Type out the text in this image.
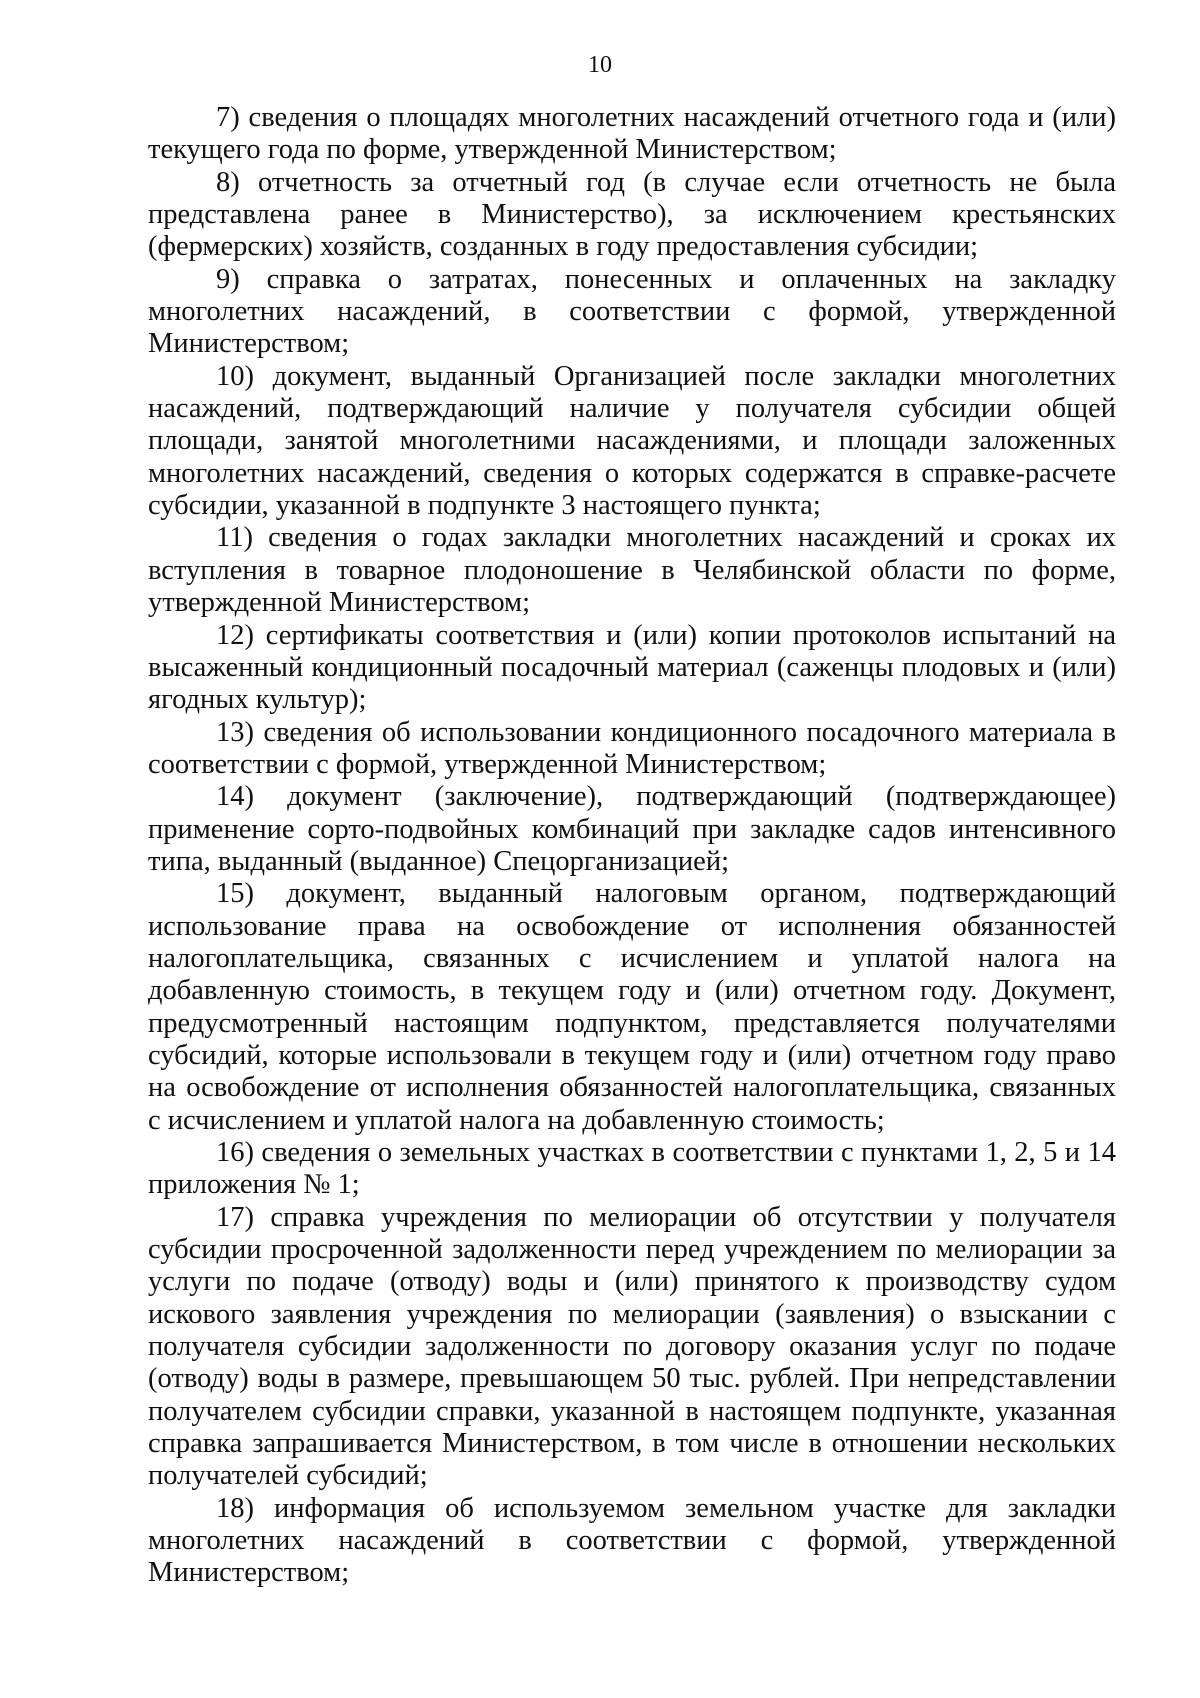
10

7) сведения о площадях многолетних насаждений отчетного года и (или) текущего года по форме, утвержденной Министерством;

8) отчетность за отчетный год (в случае если отчетность не была представлена ранее в Министерство), за исключением крестьянских (фермерских) хозяйств, созданных в году предоставления субсидии;

9) справка о затратах, понесенных и оплаченных на закладку многолетних насаждений, в соответствии с формой, утвержденной Министерством;

10) документ, выданный Организацией после закладки многолетних насаждений, подтверждающий наличие у получателя субсидии общей площади, занятой многолетними насаждениями, и площади заложенных многолетних насаждений, сведения о которых содержатся в справке-расчете субсидии, указанной в подпункте 3 настоящего пункта;

11) сведения о годах закладки многолетних насаждений и сроках их вступления в товарное плодоношение в Челябинской области по форме, утвержденной Министерством;

12) сертификаты соответствия и (или) копии протоколов испытаний на высаженный кондиционный посадочный материал (саженцы плодовых и (или) ягодных культур);

13) сведения об использовании кондиционного посадочного материала в соответствии с формой, утвержденной Министерством;

14) документ (заключение), подтверждающий (подтверждающее) применение сорто-подвойных комбинаций при закладке садов интенсивного типа, выданный (выданное) Спецорганизацией;

15) документ, выданный налоговым органом, подтверждающий использование права на освобождение от исполнения обязанностей налогоплательщика, связанных с исчислением и уплатой налога на добавленную стоимость, в текущем году и (или) отчетном году. Документ, предусмотренный настоящим подпунктом, представляется получателями субсидий, которые использовали в текущем году и (или) отчетном году право на освобождение от исполнения обязанностей налогоплательщика, связанных с исчислением и уплатой налога на добавленную стоимость;

16) сведения о земельных участках в соответствии с пунктами 1, 2, 5 и 14 приложения № 1;

17) справка учреждения по мелиорации об отсутствии у получателя субсидии просроченной задолженности перед учреждением по мелиорации за услуги по подаче (отводу) воды и (или) принятого к производству судом искового заявления учреждения по мелиорации (заявления) о взыскании с получателя субсидии задолженности по договору оказания услуг по подаче (отводу) воды в размере, превышающем 50 тыс. рублей. При непредставлении получателем субсидии справки, указанной в настоящем подпункте, указанная справка запрашивается Министерством, в том числе в отношении нескольких получателей субсидий;

18) информация об используемом земельном участке для закладки многолетних насаждений в соответствии с формой, утвержденной Министерством;
